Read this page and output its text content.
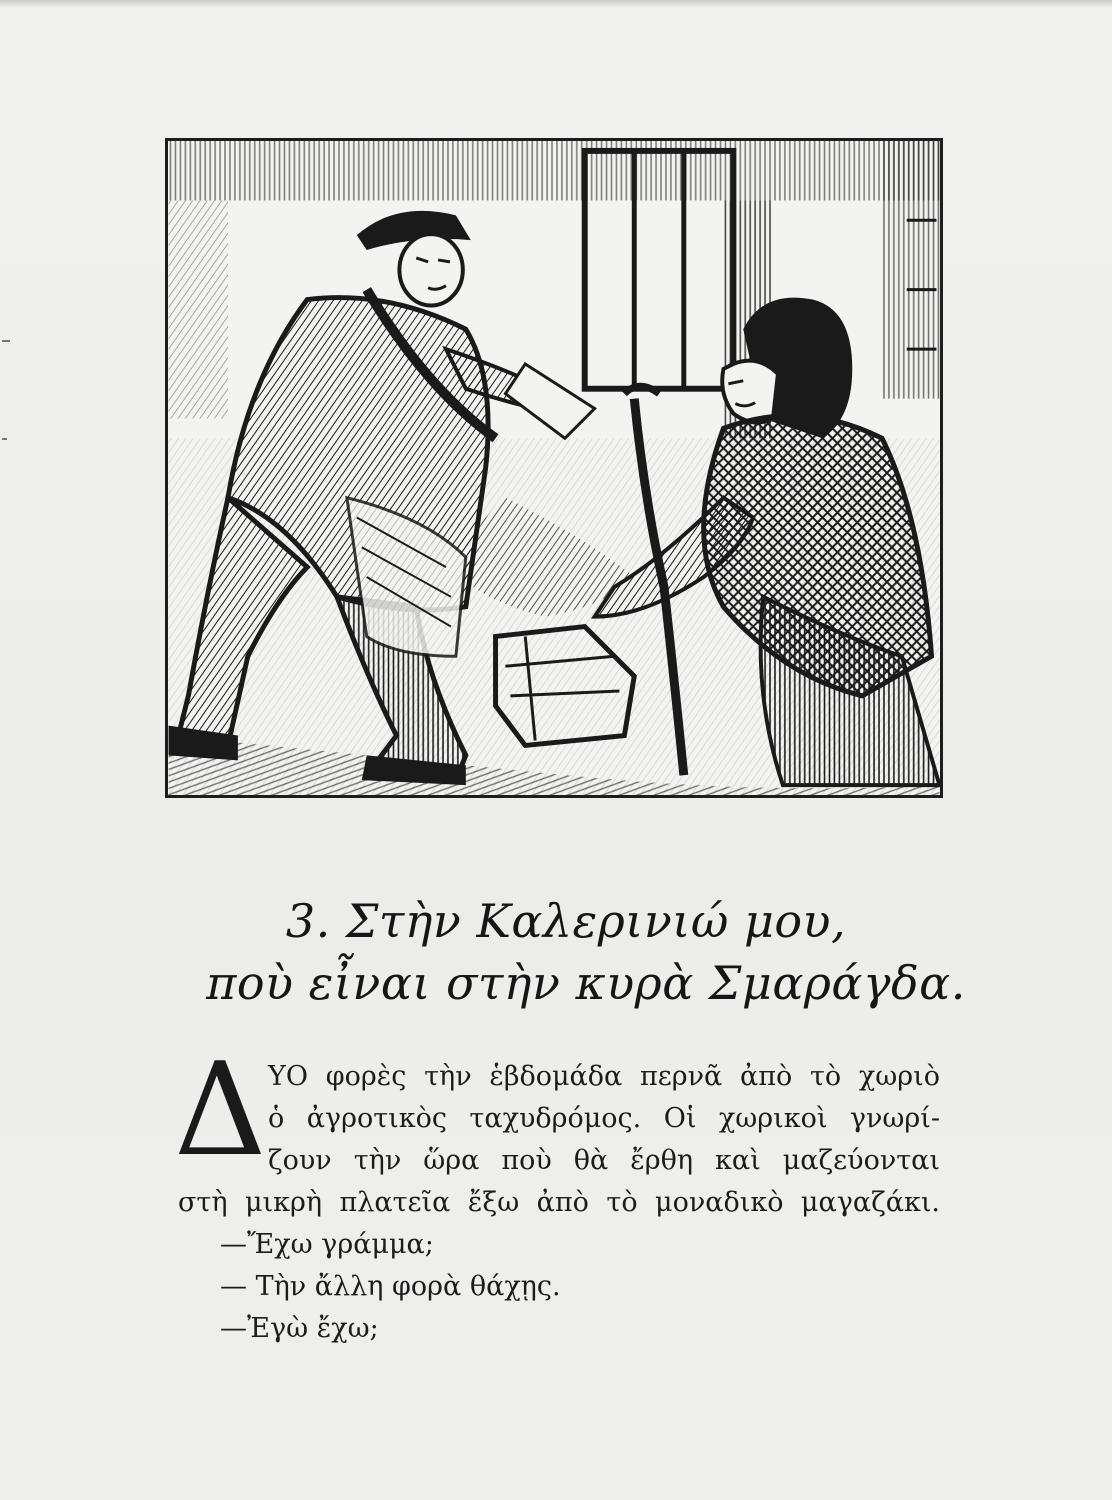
3. Στὴν Καλερινιώ μου,
ποὺ εἶναι στὴν κυρὰ Σμαράγδα.
Δ ΥΟ φορὲς τὴν ἑβδομάδα περνᾶ ἀπὸ τὸ χωριὸ
ὁ ἀγροτικὸς ταχυδρόμος. Οἱ χωρικοὶ γνωρί-
ζουν τὴν ὥρα ποὺ θὰ ἔρθη καὶ μαζεύονται
στὴ μικρὴ πλατεῖα ἔξω ἀπὸ τὸ μοναδικὸ μαγαζάκι.
—Ἔχω γράμμα;
— Τὴν ἄλλη φορὰ θάχῃς.
—Ἐγὼ ἔχω;
